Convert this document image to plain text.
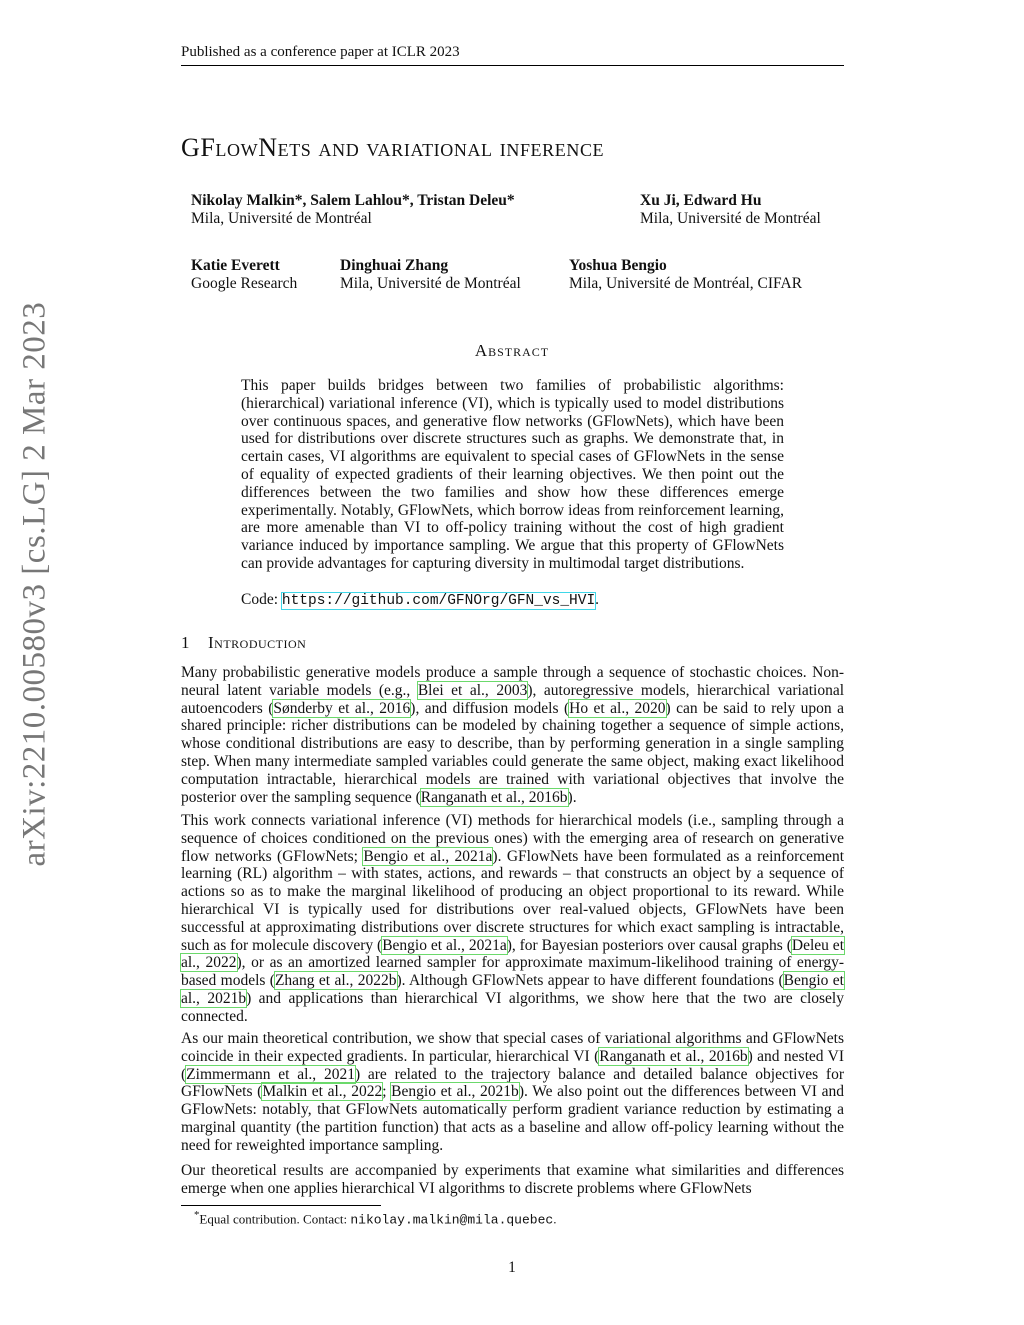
Published as a conference paper at ICLR 2023
arXiv:2210.00580v3 [cs.LG] 2 Mar 2023
GFlowNets and variational inference
Nikolay Malkin*, Salem Lahlou*, Tristan Deleu*
Mila, Université de Montréal
Xu Ji, Edward Hu
Mila, Université de Montréal
Katie Everett
Google Research
Dinghuai Zhang
Mila, Université de Montréal
Yoshua Bengio
Mila, Université de Montréal, CIFAR
Abstract
This paper builds bridges between two families of probabilistic algorithms: (hierarchical) variational inference (VI), which is typically used to model distributions over continuous spaces, and generative flow networks (GFlowNets), which have been used for distributions over discrete structures such as graphs. We demonstrate that, in certain cases, VI algorithms are equivalent to special cases of GFlowNets in the sense of equality of expected gradients of their learning objectives. We then point out the differences between the two families and show how these differences emerge experimentally. Notably, GFlowNets, which borrow ideas from reinforcement learning, are more amenable than VI to off-policy training without the cost of high gradient variance induced by importance sampling. We argue that this property of GFlowNets can provide advantages for capturing diversity in multimodal target distributions.
Code: https://github.com/GFNOrg/GFN_vs_HVI.
1 Introduction
Many probabilistic generative models produce a sample through a sequence of stochastic choices. Non-neural latent variable models (e.g., Blei et al., 2003), autoregressive models, hierarchical variational autoencoders (Sønderby et al., 2016), and diffusion models (Ho et al., 2020) can be said to rely upon a shared principle: richer distributions can be modeled by chaining together a sequence of simple actions, whose conditional distributions are easy to describe, than by performing generation in a single sampling step. When many intermediate sampled variables could generate the same object, making exact likelihood computation intractable, hierarchical models are trained with variational objectives that involve the posterior over the sampling sequence (Ranganath et al., 2016b).
This work connects variational inference (VI) methods for hierarchical models (i.e., sampling through a sequence of choices conditioned on the previous ones) with the emerging area of research on generative flow networks (GFlowNets; Bengio et al., 2021a). GFlowNets have been formulated as a reinforcement learning (RL) algorithm – with states, actions, and rewards – that constructs an object by a sequence of actions so as to make the marginal likelihood of producing an object proportional to its reward. While hierarchical VI is typically used for distributions over real-valued objects, GFlowNets have been successful at approximating distributions over discrete structures for which exact sampling is intractable, such as for molecule discovery (Bengio et al., 2021a), for Bayesian posteriors over causal graphs (Deleu et al., 2022), or as an amortized learned sampler for approximate maximum-likelihood training of energy-based models (Zhang et al., 2022b). Although GFlowNets appear to have different foundations (Bengio et al., 2021b) and applications than hierarchical VI algorithms, we show here that the two are closely connected.
As our main theoretical contribution, we show that special cases of variational algorithms and GFlowNets coincide in their expected gradients. In particular, hierarchical VI (Ranganath et al., 2016b) and nested VI (Zimmermann et al., 2021) are related to the trajectory balance and detailed balance objectives for GFlowNets (Malkin et al., 2022; Bengio et al., 2021b). We also point out the differences between VI and GFlowNets: notably, that GFlowNets automatically perform gradient variance reduction by estimating a marginal quantity (the partition function) that acts as a baseline and allow off-policy learning without the need for reweighted importance sampling.
Our theoretical results are accompanied by experiments that examine what similarities and differences emerge when one applies hierarchical VI algorithms to discrete problems where GFlowNets
*Equal contribution. Contact: nikolay.malkin@mila.quebec.
1
